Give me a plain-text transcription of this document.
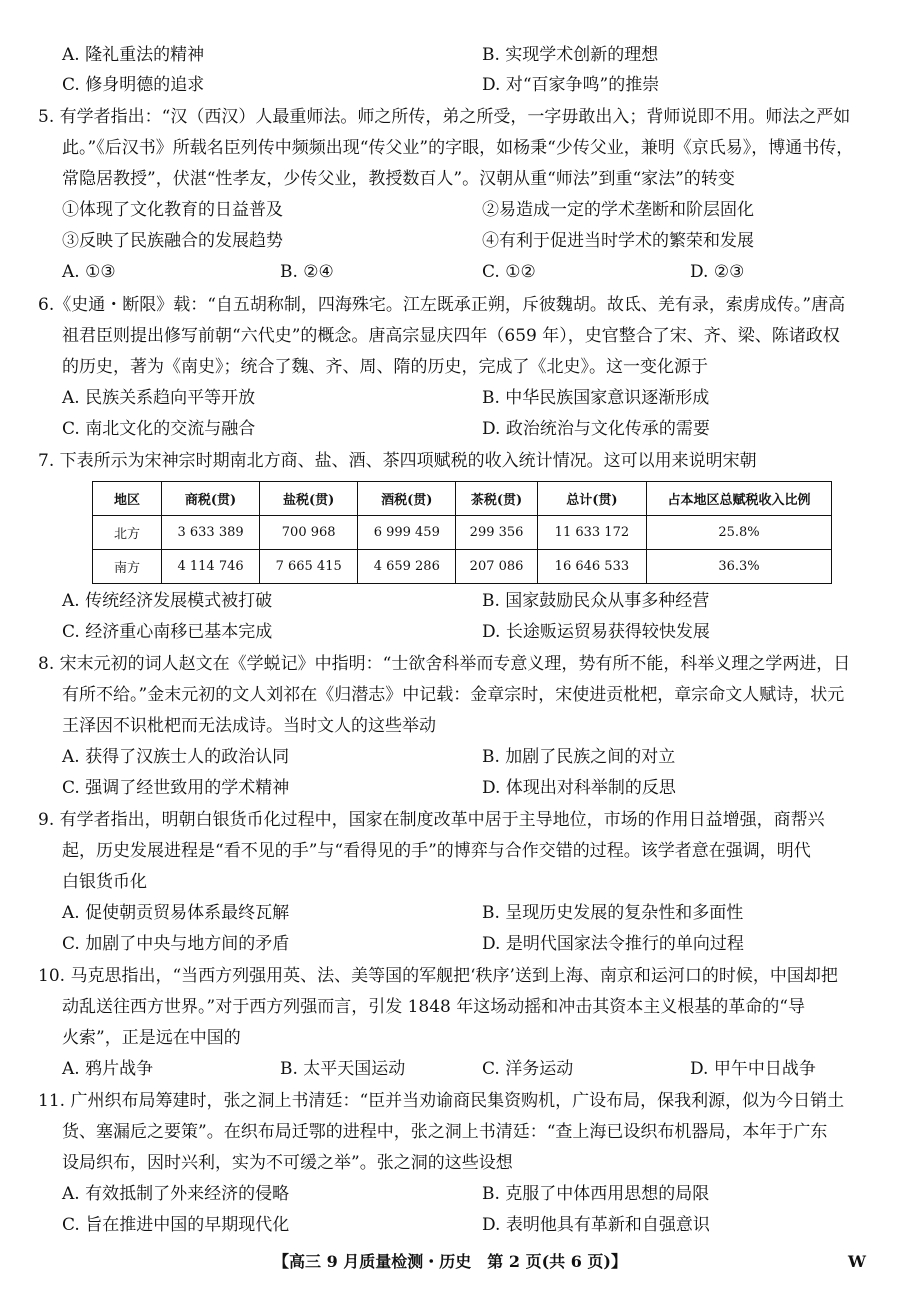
A. 隆礼重法的精神	B. 实现学术创新的理想
C. 修身明德的追求	D. 对“百家争鸣”的推崇
5. 有学者指出：“汉（西汉）人最重师法。师之所传，弟之所受，一字毋敢出入；背师说即不用。师法之严如
此。”《后汉书》所载名臣列传中频频出现“传父业”的字眼，如杨秉“少传父业，兼明《京氏易》，博通书传，
常隐居教授”，伏湛“性孝友，少传父业，教授数百人”。汉朝从重“师法”到重“家法”的转变
①体现了文化教育的日益普及	②易造成一定的学术垄断和阶层固化
③反映了民族融合的发展趋势	④有利于促进当时学术的繁荣和发展
A. ①③	B. ②④	C. ①②	D. ②③
6.《史通・断限》载：“自五胡称制，四海殊宅。江左既承正朔，斥彼魏胡。故氐、羌有录，索虏成传。”唐高
祖君臣则提出修写前朝“六代史”的概念。唐高宗显庆四年（659 年），史官整合了宋、齐、梁、陈诸政权
的历史，著为《南史》；统合了魏、齐、周、隋的历史，完成了《北史》。这一变化源于
A. 民族关系趋向平等开放	B. 中华民族国家意识逐渐形成
C. 南北文化的交流与融合	D. 政治统治与文化传承的需要
7. 下表所示为宋神宗时期南北方商、盐、酒、茶四项赋税的收入统计情况。这可以用来说明宋朝
地区	商税(贯)	盐税(贯)	酒税(贯)	茶税(贯)	总计(贯)	占本地区总赋税收入比例
北方	3 633 389	700 968	6 999 459	299 356	11 633 172	25.8%
南方	4 114 746	7 665 415	4 659 286	207 086	16 646 533	36.3%
A. 传统经济发展模式被打破	B. 国家鼓励民众从事多种经营
C. 经济重心南移已基本完成	D. 长途贩运贸易获得较快发展
8. 宋末元初的词人赵文在《学蜕记》中指明：“士欲舍科举而专意义理，势有所不能，科举义理之学两进，日
有所不给。”金末元初的文人刘祁在《归潜志》中记载：金章宗时，宋使进贡枇杷，章宗命文人赋诗，状元
王泽因不识枇杷而无法成诗。当时文人的这些举动
A. 获得了汉族士人的政治认同	B. 加剧了民族之间的对立
C. 强调了经世致用的学术精神	D. 体现出对科举制的反思
9. 有学者指出，明朝白银货币化过程中，国家在制度改革中居于主导地位，市场的作用日益增强，商帮兴
起，历史发展进程是“看不见的手”与“看得见的手”的博弈与合作交错的过程。该学者意在强调，明代
白银货币化
A. 促使朝贡贸易体系最终瓦解	B. 呈现历史发展的复杂性和多面性
C. 加剧了中央与地方间的矛盾	D. 是明代国家法令推行的单向过程
10. 马克思指出，“当西方列强用英、法、美等国的军舰把‘秩序’送到上海、南京和运河口的时候，中国却把
动乱送往西方世界。”对于西方列强而言，引发 1848 年这场动摇和冲击其资本主义根基的革命的“导
火索”，正是远在中国的
A. 鸦片战争	B. 太平天国运动	C. 洋务运动	D. 甲午中日战争
11. 广州织布局筹建时，张之洞上书清廷：“臣并当劝谕商民集资购机，广设布局，保我利源，似为今日销土
货、塞漏卮之要策”。在织布局迁鄂的进程中，张之洞上书清廷：“查上海已设织布机器局，本年于广东
设局织布，因时兴利，实为不可缓之举”。张之洞的这些设想
A. 有效抵制了外来经济的侵略	B. 克服了中体西用思想的局限
C. 旨在推进中国的早期现代化	D. 表明他具有革新和自强意识
【高三 9 月质量检测・历史　第 2 页(共 6 页)】	W
